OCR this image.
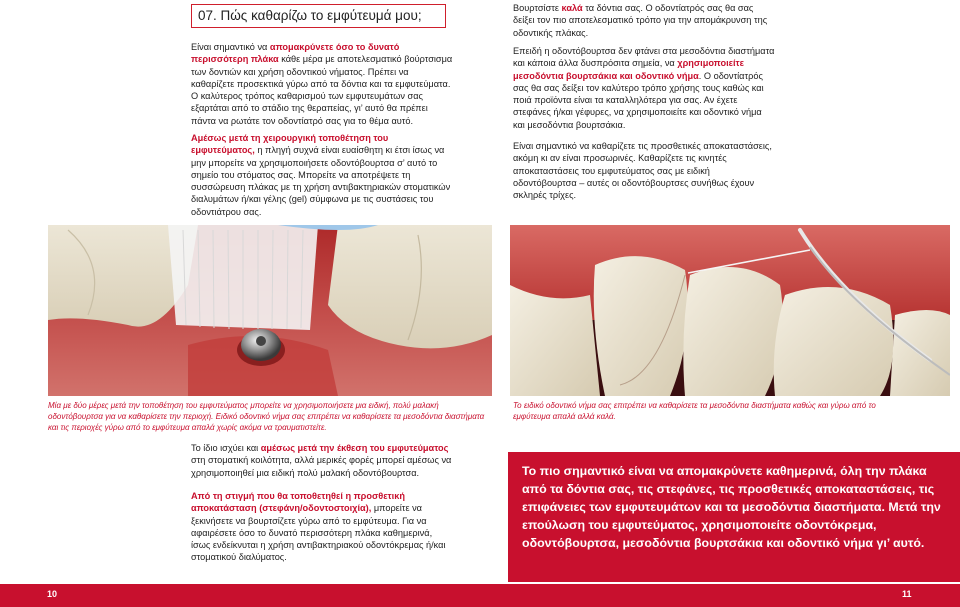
07. Πώς καθαρίζω το εμφύτευμά μου;
Είναι σημαντικό να απομακρύνετε όσο το δυνατό περισσότερη πλάκα κάθε μέρα με αποτελεσματικό βούρτσισμα των δοντιών και χρήση οδοντικού νήματος. Πρέπει να καθαρίζετε προσεκτικά γύρω από τα δόντια και τα εμφυτεύματα. Ο καλύτερος τρόπος καθαρισμού των εμφυτευμάτων σας εξαρτάται από το στάδιο της θεραπείας, γι’ αυτό θα πρέπει πάντα να ρωτάτε τον οδοντίατρό σας για το θέμα αυτό.
Αμέσως μετά τη χειρουργική τοποθέτηση του εμφυτεύματος, η πληγή συχνά είναι ευαίσθητη κι έτσι ίσως να μην μπορείτε να χρησιμοποιήσετε οδοντόβουρτσα σ’ αυτό το σημείο του στόματος σας. Μπορείτε να αποτρέψετε τη συσσώρευση πλάκας με τη χρήση αντιβακτηριακών στοματικών διαλυμάτων ή/και γέλης (gel) σύμφωνα με τις συστάσεις του οδοντιάτρου σας.
Μία με δύο μέρες μετά την τοποθέτηση του εμφυτεύματος μπορείτε να χρησιμοποιήσετε μια ειδική, πολύ μαλακή οδοντόβουρτσα για να καθαρίσετε την περιοχή. Ειδικό οδοντικό νήμα σας επιτρέπει να καθαρίσετε τα μεσοδόντια διαστήματα και τις περιοχές γύρω από το εμφύτευμα απαλά χωρίς ακόμα να τραυματιστείτε.
Το ίδιο ισχύει και αμέσως μετά την έκθεση του εμφυτεύματος στη στοματική κοιλότητα, αλλά μερικές φορές μπορεί αμέσως να χρησιμοποιηθεί μια ειδική πολύ μαλακή οδοντόβουρτσα.
Από τη στιγμή που θα τοποθετηθεί η προσθετική αποκατάσταση (στεφάνη/οδοντοστοιχία), μπορείτε να ξεκινήσετε να βουρτσίζετε γύρω από το εμφύτευμα. Για να αφαιρέσετε όσο το δυνατό περισσότερη πλάκα καθημερινά, ίσως ενδείκνυται η χρήση αντιβακτηριακού οδοντόκρεμας ή/και στοματικού διαλύματος.
Βουρτσίστε καλά τα δόντια σας. Ο οδοντίατρός σας θα σας δείξει τον πιο αποτελεσματικό τρόπο για την απομάκρυνση της οδοντικής πλάκας.
Επειδή η οδοντόβουρτσα δεν φτάνει στα μεσοδόντια διαστήματα και κάποια άλλα δυσπρόσιτα σημεία, να χρησιμοποιείτε μεσοδόντια βουρτσάκια και οδοντικό νήμα. Ο οδοντίατρός σας θα σας δείξει τον καλύτερο τρόπο χρήσης τους καθώς και ποιά προϊόντα είναι τα καταλληλότερα για σας. Αν έχετε στεφάνες ή/και γέφυρες, να χρησιμοποιείτε και οδοντικό νήμα και μεσοδόντια βουρτσάκια.
Είναι σημαντικό να καθαρίζετε τις προσθετικές αποκαταστάσεις, ακόμη κι αν είναι προσωρινές. Καθαρίζετε τις κινητές αποκαταστάσεις του εμφυτεύματος σας με ειδική οδοντόβουρτσα – αυτές οι οδοντόβουρτσες συνήθως έχουν σκληρές τρίχες.
Το ειδικό οδοντικό νήμα σας επιτρέπει να καθαρίσετε τα μεσοδόντια διαστήματα καθώς και γύρω από το εμφύτευμα απαλά αλλά καλά.
Το πιο σημαντικό είναι να απομακρύνετε καθημερινά, όλη την πλάκα από τα δόντια σας, τις στεφάνες, τις προσθετικές αποκαταστάσεις, τις επιφάνειες των εμφυτευμάτων και τα μεσοδόντια διαστήματα. Μετά την επούλωση του εμφυτεύματος, χρησιμοποιείτε οδοντόκρεμα, οδοντόβουρτσα, μεσοδόντια βουρτσάκια και οδοντικό νήμα γι’ αυτό.
10	11
